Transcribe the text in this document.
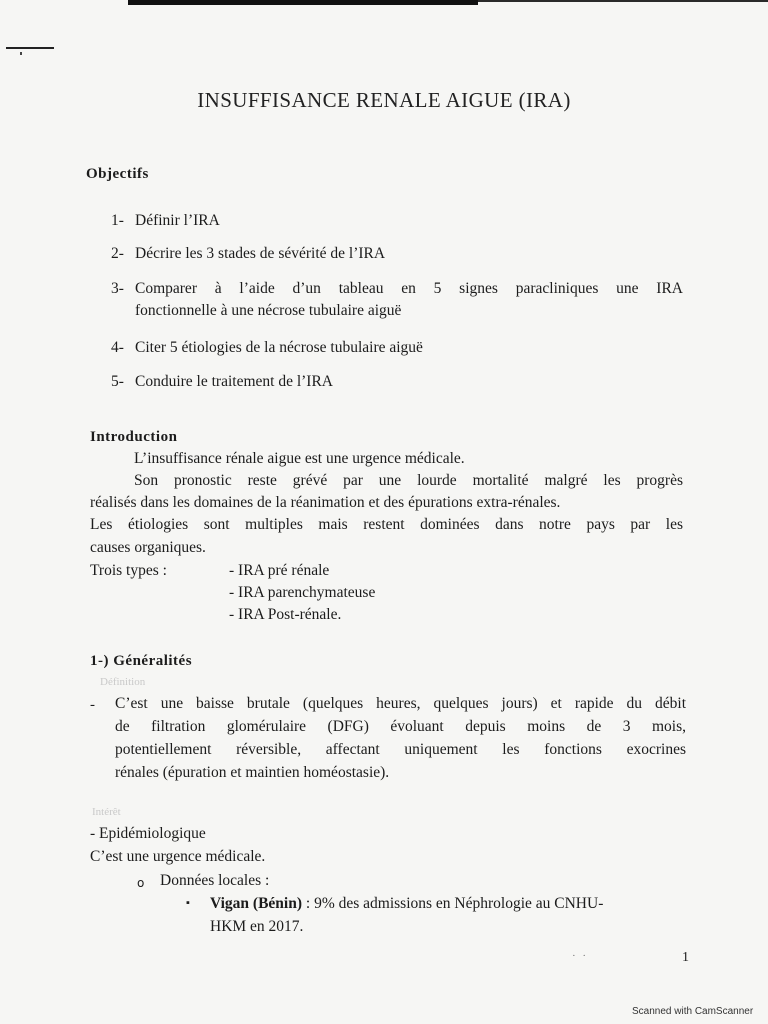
INSUFFISANCE RENALE AIGUE (IRA)
Objectifs
1- Définir l’IRA
2- Décrire les 3 stades de sévérité de l’IRA
3- Comparer à l’aide d’un tableau en 5 signes paracliniques une IRA
fonctionnelle à une nécrose tubulaire aiguë
4- Citer 5 étiologies de la nécrose tubulaire aiguë
5- Conduire le traitement de l’IRA
Introduction
L’insuffisance rénale aigue est une urgence médicale.
Son pronostic reste grévé par une lourde mortalité malgré les progrès
réalisés dans les domaines de la réanimation et des épurations extra-rénales.
Les étiologies sont multiples mais restent dominées dans notre pays par les
causes organiques.
Trois types :	- IRA pré rénale
- IRA parenchymateuse
- IRA Post-rénale.
1-) Généralités
Définition
- C’est une baisse brutale (quelques heures, quelques jours) et rapide du débit
de filtration glomérulaire (DFG) évoluant depuis moins de 3 mois,
potentiellement réversible, affectant uniquement les fonctions exocrines
rénales (épuration et maintien homéostasie).
Intérêt
- Epidémiologique
C’est une urgence médicale.
o Données locales :
▪ Vigan (Bénin) : 9% des admissions en Néphrologie au CNHU-
HKM en 2017.
· ·	1
Scanned with CamScanner
